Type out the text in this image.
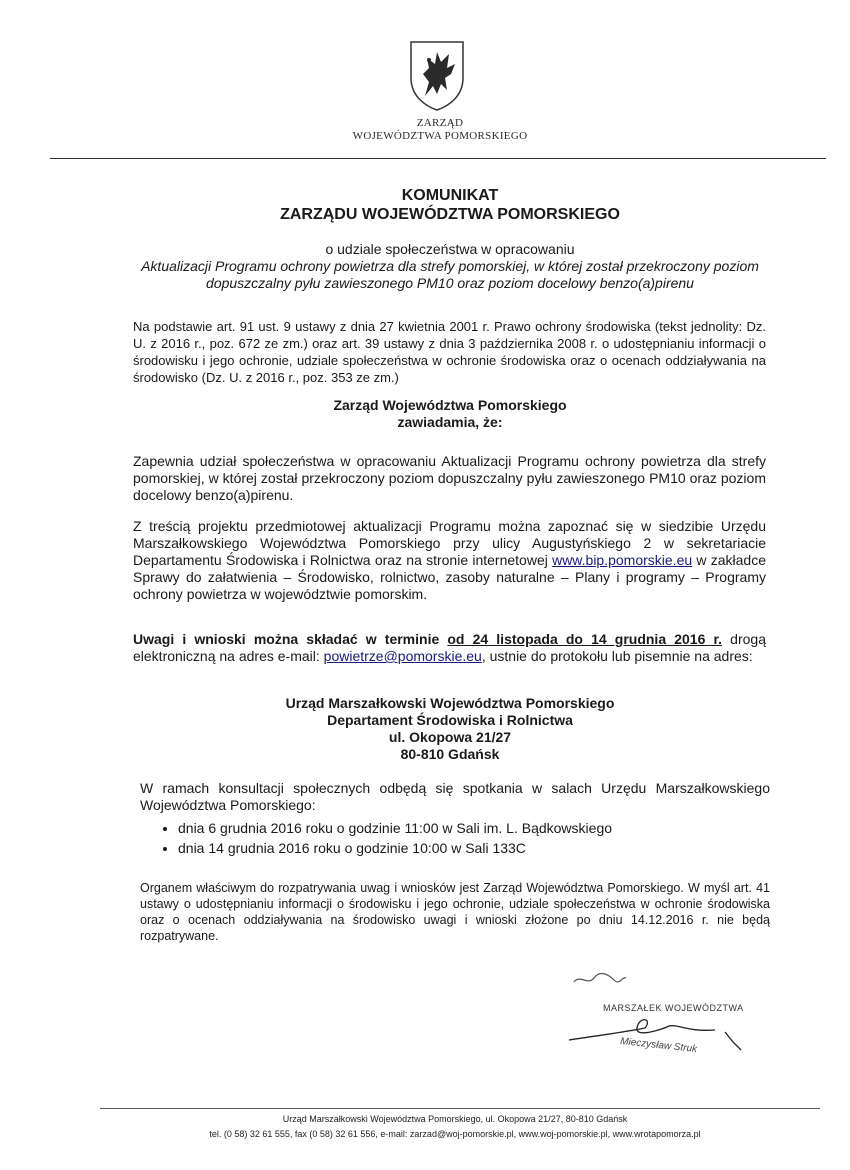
ZARZĄD
WOJEWÓDZTWA POMORSKIEGO
KOMUNIKAT
ZARZĄDU WOJEWÓDZTWA POMORSKIEGO
o udziale społeczeństwa w opracowaniu
Aktualizacji Programu ochrony powietrza dla strefy pomorskiej, w której został przekroczony poziom dopuszczalny pyłu zawieszonego PM10 oraz poziom docelowy benzo(a)pirenu
Na podstawie art. 91 ust. 9 ustawy z dnia 27 kwietnia 2001 r. Prawo ochrony środowiska (tekst jednolity: Dz. U. z 2016 r., poz. 672 ze zm.) oraz art. 39 ustawy z dnia 3 października 2008 r. o udostępnianiu informacji o środowisku i jego ochronie, udziale społeczeństwa w ochronie środowiska oraz o ocenach oddziaływania na środowisko (Dz. U. z 2016 r., poz. 353 ze zm.)
Zarząd Województwa Pomorskiego
zawiadamia, że:
Zapewnia udział społeczeństwa w opracowaniu Aktualizacji Programu ochrony powietrza dla strefy pomorskiej, w której został przekroczony poziom dopuszczalny pyłu zawieszonego PM10 oraz poziom docelowy benzo(a)pirenu.
Z treścią projektu przedmiotowej aktualizacji Programu można zapoznać się w siedzibie Urzędu Marszałkowskiego Województwa Pomorskiego przy ulicy Augustyńskiego 2 w sekretariacie Departamentu Środowiska i Rolnictwa oraz na stronie internetowej www.bip.pomorskie.eu w zakładce Sprawy do załatwienia – Środowisko, rolnictwo, zasoby naturalne – Plany i programy – Programy ochrony powietrza w województwie pomorskim.
Uwagi i wnioski można składać w terminie od 24 listopada do 14 grudnia 2016 r. drogą elektroniczną na adres e-mail: powietrze@pomorskie.eu, ustnie do protokołu lub pisemnie na adres:
Urząd Marszałkowski Województwa Pomorskiego
Departament Środowiska i Rolnictwa
ul. Okopowa 21/27
80-810 Gdańsk
W ramach konsultacji społecznych odbędą się spotkania w salach Urzędu Marszałkowskiego Województwa Pomorskiego:
• dnia 6 grudnia 2016 roku o godzinie 11:00 w Sali im. L. Bądkowskiego
• dnia 14 grudnia 2016 roku o godzinie 10:00 w Sali 133C
Organem właściwym do rozpatrywania uwag i wniosków jest Zarząd Województwa Pomorskiego. W myśl art. 41 ustawy o udostępnianiu informacji o środowisku i jego ochronie, udziale społeczeństwa w ochronie środowiska oraz o ocenach oddziaływania na środowisko uwagi i wnioski złożone po dniu 14.12.2016 r. nie będą rozpatrywane.
MARSZAŁEK WOJEWÓDZTWA
Mieczysław Struk
Urząd Marszałkowski Województwa Pomorskiego, ul. Okopowa 21/27, 80-810 Gdańsk
tel. (0 58) 32 61 555, fax (0 58) 32 61 556, e-mail: zarzad@woj-pomorskie.pl, www.woj-pomorskie.pl, www.wrotapomorza.pl
